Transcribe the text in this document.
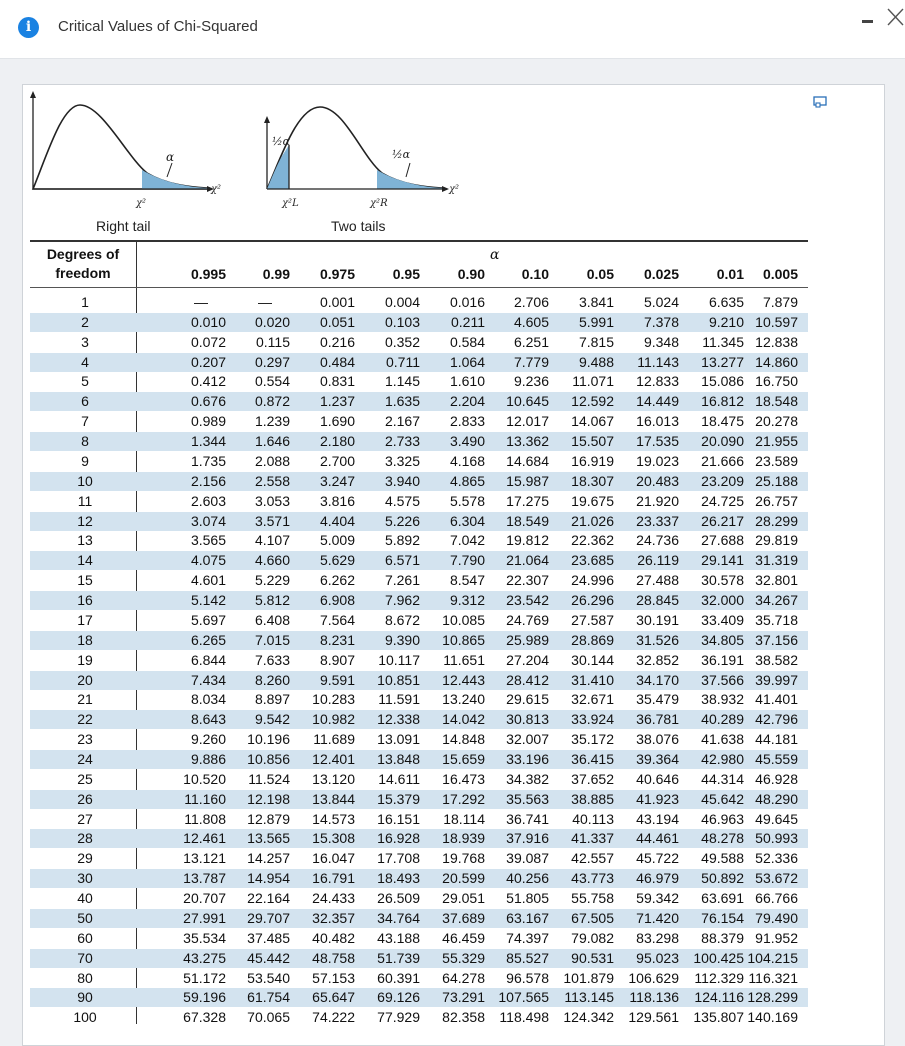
i	Critical Values of Chi-Squared
α
χ²
χ²
½α
½α
χ²L	χ²R
χ²
Right tail	Two tails
Degrees of
freedom
α
0.995	0.99	0.975	0.95	0.90	0.10	0.05	0.025	0.01	0.005
1	—	—	0.001	0.004	0.016	2.706	3.841	5.024	6.635	7.879
2	0.010	0.020	0.051	0.103	0.211	4.605	5.991	7.378	9.210 10.597
3	0.072	0.115	0.216	0.352	0.584	6.251	7.815	9.348	11.345 12.838
4	0.207	0.297	0.484	0.711	1.064	7.779	9.488	11.143	13.277 14.860
5	0.412	0.554	0.831	1.145	1.610	9.236	11.071	12.833	15.086 16.750
6	0.676	0.872	1.237	1.635	2.204	10.645	12.592	14.449	16.812 18.548
7	0.989	1.239	1.690	2.167	2.833	12.017	14.067	16.013	18.475 20.278
8	1.344	1.646	2.180	2.733	3.490	13.362	15.507	17.535	20.090 21.955
9	1.735	2.088	2.700	3.325	4.168	14.684	16.919	19.023	21.666 23.589
10	2.156	2.558	3.247	3.940	4.865	15.987	18.307	20.483	23.209 25.188
11	2.603	3.053	3.816	4.575	5.578	17.275	19.675	21.920	24.725 26.757
12	3.074	3.571	4.404	5.226	6.304	18.549	21.026	23.337	26.217 28.299
13	3.565	4.107	5.009	5.892	7.042	19.812	22.362	24.736	27.688 29.819
14	4.075	4.660	5.629	6.571	7.790	21.064	23.685	26.119	29.141 31.319
15	4.601	5.229	6.262	7.261	8.547	22.307	24.996	27.488	30.578 32.801
16	5.142	5.812	6.908	7.962	9.312	23.542	26.296	28.845	32.000 34.267
17	5.697	6.408	7.564	8.672	10.085	24.769	27.587	30.191	33.409 35.718
18	6.265	7.015	8.231	9.390	10.865	25.989	28.869	31.526	34.805 37.156
19	6.844	7.633	8.907	10.117	11.651	27.204	30.144	32.852	36.191 38.582
20	7.434	8.260	9.591	10.851	12.443	28.412	31.410	34.170	37.566 39.997
21	8.034	8.897	10.283	11.591	13.240	29.615	32.671	35.479	38.932 41.401
22	8.643	9.542	10.982	12.338	14.042	30.813	33.924	36.781	40.289 42.796
23	9.260	10.196	11.689	13.091	14.848	32.007	35.172	38.076	41.638 44.181
24	9.886	10.856	12.401	13.848	15.659	33.196	36.415	39.364	42.980 45.559
25	10.520	11.524	13.120	14.611	16.473	34.382	37.652	40.646	44.314 46.928
26	11.160	12.198	13.844	15.379	17.292	35.563	38.885	41.923	45.642 48.290
27	11.808	12.879	14.573	16.151	18.114	36.741	40.113	43.194	46.963 49.645
28	12.461	13.565	15.308	16.928	18.939	37.916	41.337	44.461	48.278 50.993
29	13.121	14.257	16.047	17.708	19.768	39.087	42.557	45.722	49.588 52.336
30	13.787	14.954	16.791	18.493	20.599	40.256	43.773	46.979	50.892 53.672
40	20.707	22.164	24.433	26.509	29.051	51.805	55.758	59.342	63.691 66.766
50	27.991	29.707	32.357	34.764	37.689	63.167	67.505	71.420	76.154 79.490
60	35.534	37.485	40.482	43.188	46.459	74.397	79.082	83.298	88.379 91.952
70	43.275	45.442	48.758	51.739	55.329	85.527	90.531	95.023	100.425 104.215
80	51.172	53.540	57.153	60.391	64.278	96.578	101.879	106.629	112.329 116.321
90	59.196	61.754	65.647	69.126	73.291 107.565	113.145	118.136	124.116 128.299
100	67.328	70.065	74.222	77.929	82.358	118.498	124.342	129.561	135.807 140.169
